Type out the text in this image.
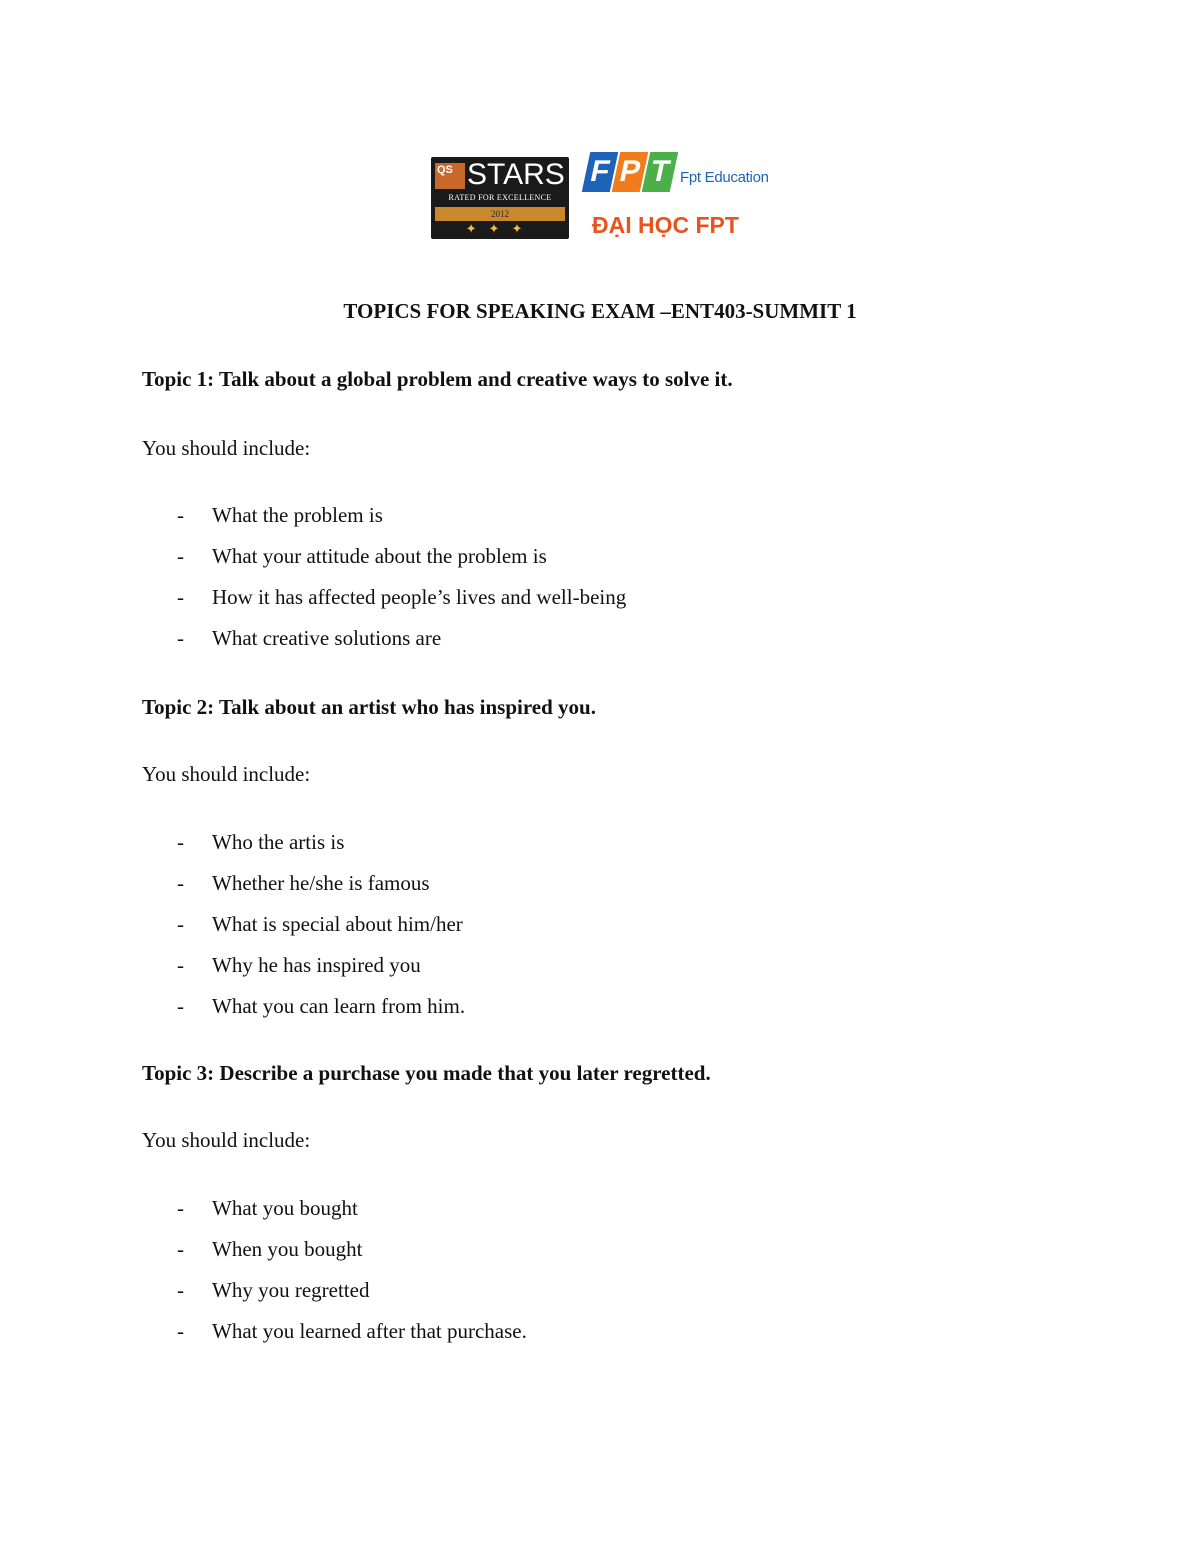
QS STARS
RATED FOR EXCELLENCE
2012
✦✦✦
F P T Fpt Education
ĐẠI HỌC FPT
TOPICS FOR SPEAKING EXAM –ENT403-SUMMIT 1

Topic 1: Talk about a global problem and creative ways to solve it.

You should include:

- What the problem is
- What your attitude about the problem is
- How it has affected people’s lives and well-being
- What creative solutions are

Topic 2: Talk about an artist who has inspired you.

You should include:

- Who the artis is
- Whether he/she is famous
- What is special about him/her
- Why he has inspired you
- What you can learn from him.

Topic 3: Describe a purchase you made that you later regretted.

You should include:

- What you bought
- When you bought
- Why you regretted
- What you learned after that purchase.
